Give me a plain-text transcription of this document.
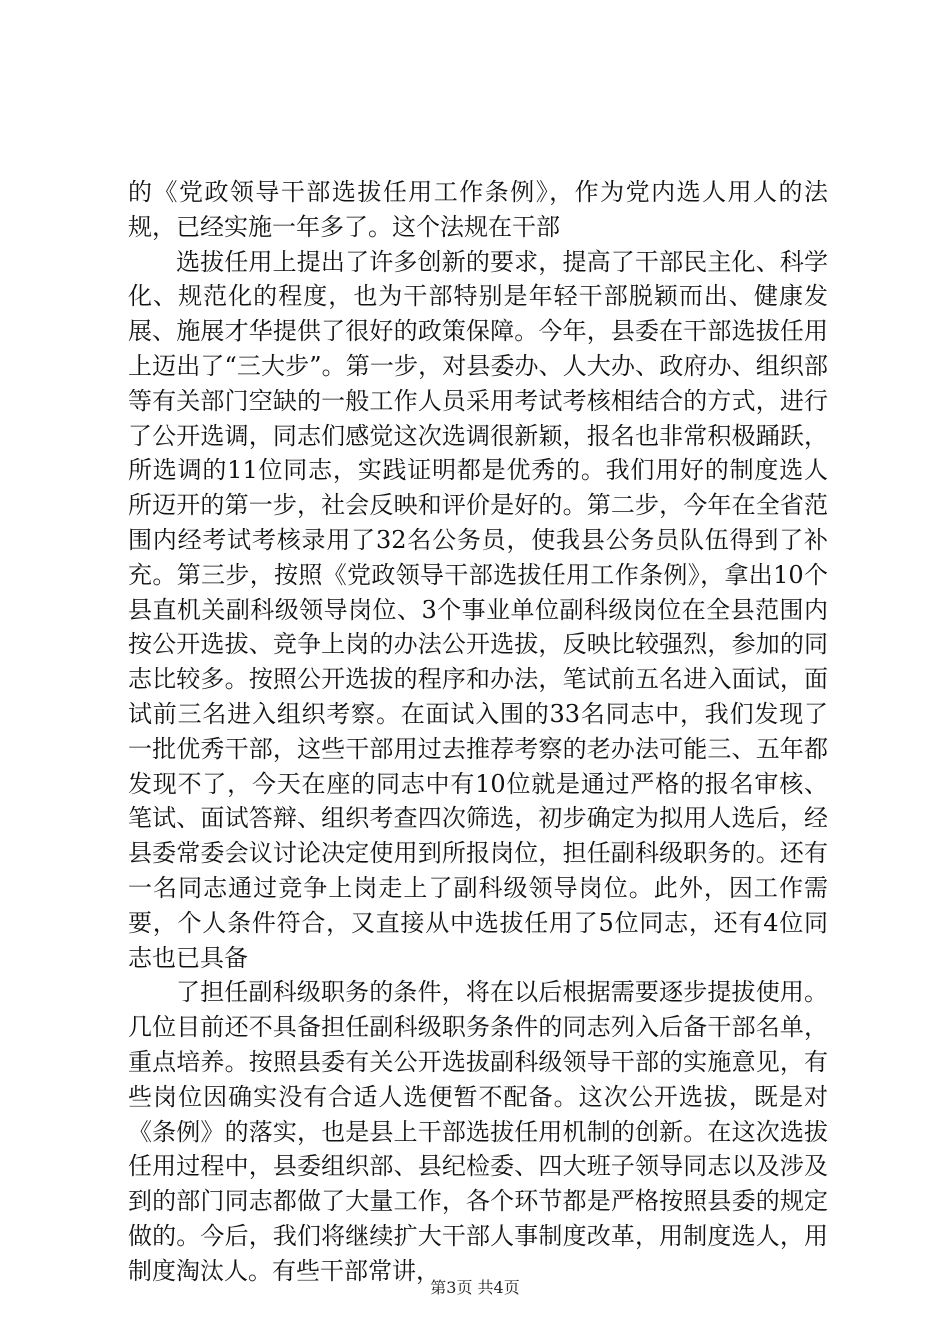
的《党政领导干部选拔任用工作条例》，作为党内选人用人的法规，已经实施一年多了。这个法规在干部

选拔任用上提出了许多创新的要求，提高了干部民主化、科学化、规范化的程度，也为干部特别是年轻干部脱颖而出、健康发展、施展才华提供了很好的政策保障。今年，县委在干部选拔任用上迈出了“三大步”。第一步，对县委办、人大办、政府办、组织部等有关部门空缺的一般工作人员采用考试考核相结合的方式，进行了公开选调，同志们感觉这次选调很新颖，报名也非常积极踊跃，所选调的11位同志，实践证明都是优秀的。我们用好的制度选人所迈开的第一步，社会反映和评价是好的。第二步，今年在全省范围内经考试考核录用了32名公务员，使我县公务员队伍得到了补充。第三步，按照《党政领导干部选拔任用工作条例》，拿出10个县直机关副科级领导岗位、3个事业单位副科级岗位在全县范围内按公开选拔、竞争上岗的办法公开选拔，反映比较强烈，参加的同志比较多。按照公开选拔的程序和办法，笔试前五名进入面试，面试前三名进入组织考察。在面试入围的33名同志中，我们发现了一批优秀干部，这些干部用过去推荐考察的老办法可能三、五年都发现不了，今天在座的同志中有10位就是通过严格的报名审核、笔试、面试答辩、组织考查四次筛选，初步确定为拟用人选后，经县委常委会议讨论决定使用到所报岗位，担任副科级职务的。还有一名同志通过竞争上岗走上了副科级领导岗位。此外，因工作需要，个人条件符合，又直接从中选拔任用了5位同志，还有4位同志也已具备

了担任副科级职务的条件，将在以后根据需要逐步提拔使用。几位目前还不具备担任副科级职务条件的同志列入后备干部名单，重点培养。按照县委有关公开选拔副科级领导干部的实施意见，有些岗位因确实没有合适人选便暂不配备。这次公开选拔，既是对《条例》的落实，也是县上干部选拔任用机制的创新。在这次选拔任用过程中，县委组织部、县纪检委、四大班子领导同志以及涉及到的部门同志都做了大量工作，各个环节都是严格按照县委的规定做的。今后，我们将继续扩大干部人事制度改革，用制度选人，用制度淘汰人。有些干部常讲，

第3页 共4页
